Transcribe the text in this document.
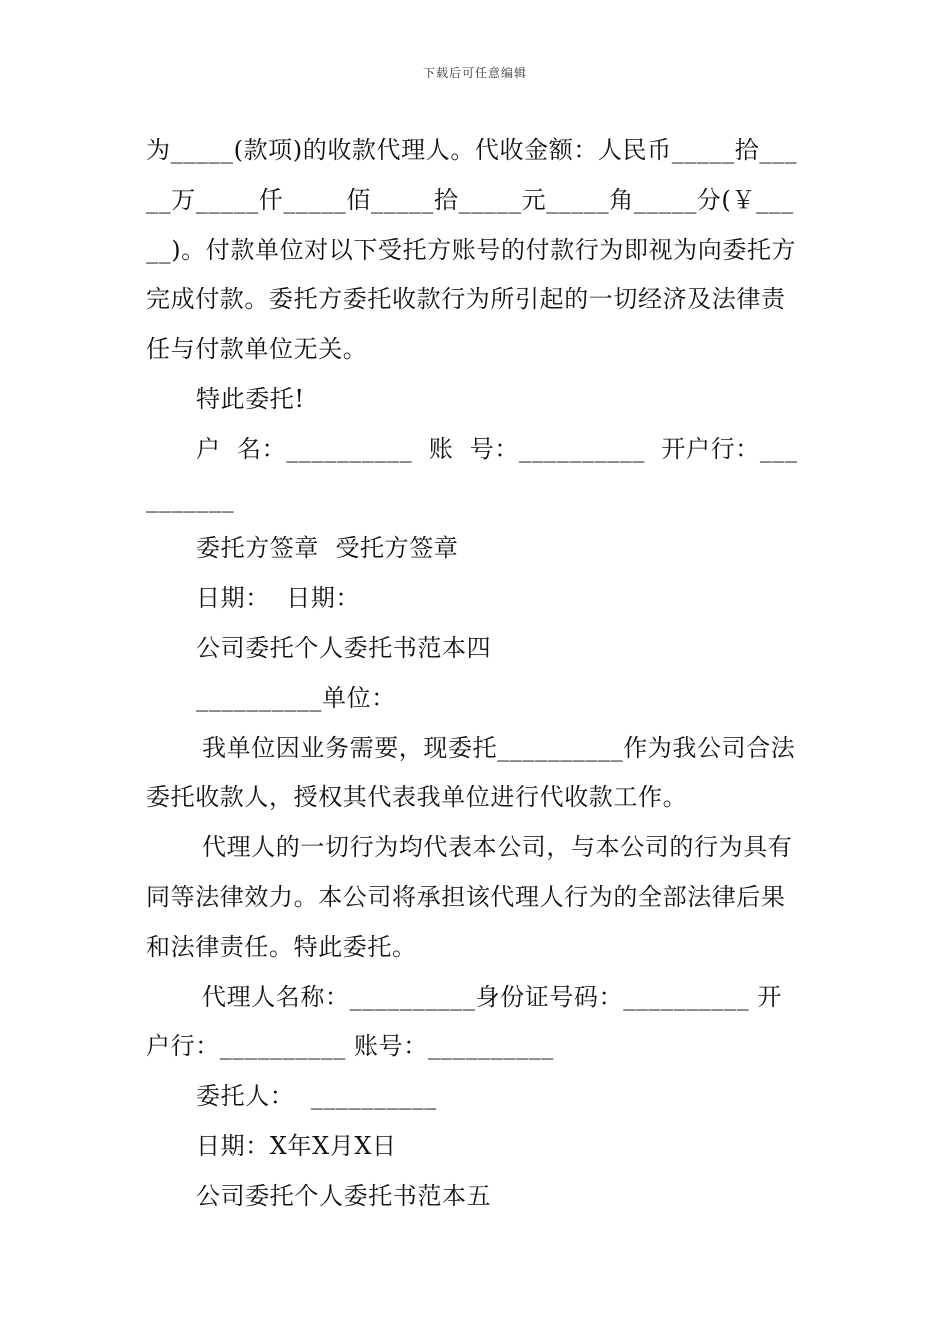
下载后可任意编辑

为_____(款项)的收款代理人。代收金额：人民币_____拾_____万_____仟_____佰_____拾_____元_____角_____分(￥_____)。付款单位对以下受托方账号的付款行为即视为向委托方完成付款。委托方委托收款行为所引起的一切经济及法律责任与付款单位无关。

特此委托!

户  名：__________  账  号：__________  开户行：__________

委托方签章  受托方签章

日期：  日期：

公司委托个人委托书范本四

__________单位：

我单位因业务需要，现委托__________作为我公司合法委托收款人，授权其代表我单位进行代收款工作。

代理人的一切行为均代表本公司，与本公司的行为具有同等法律效力。本公司将承担该代理人行为的全部法律后果和法律责任。特此委托。

代理人名称：__________身份证号码：__________ 开户行：__________ 账号：__________

委托人：  __________

日期：X年X月X日

公司委托个人委托书范本五
